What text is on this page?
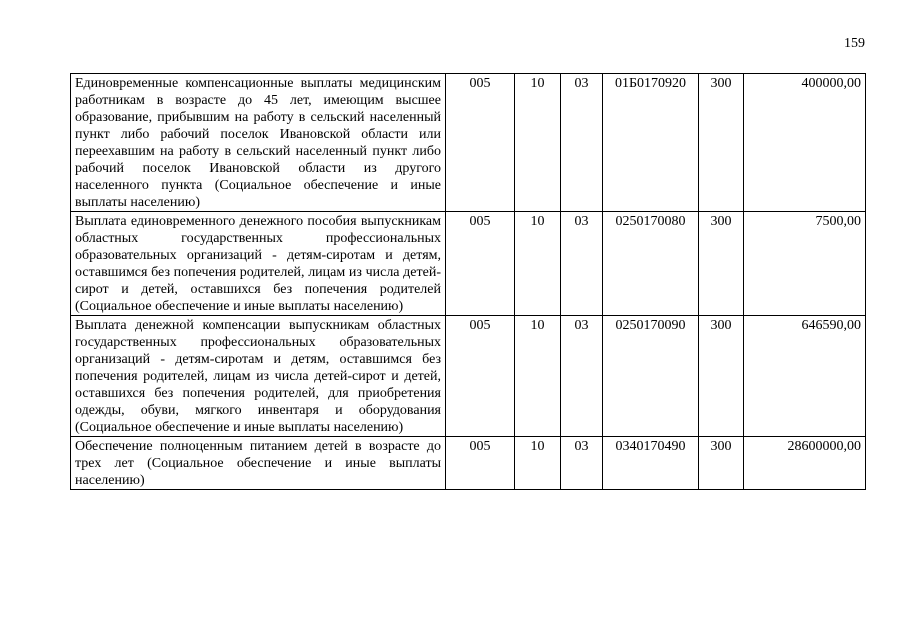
159
Единовременные компенсационные выплаты медицинским работникам в возрасте до 45 лет, имеющим высшее образование, прибывшим на работу в сельский населенный пункт либо рабочий поселок Ивановской области или переехавшим на работу в сельский населенный пункт либо рабочий поселок Ивановской области из другого населенного пункта (Социальное обеспечение и иные выплаты населению)	005	10	03	01Б0170920	300	400000,00
Выплата единовременного денежного пособия выпускникам областных государственных профессиональных образовательных организаций - детям-сиротам и детям, оставшимся без попечения родителей, лицам из числа детей-сирот и детей, оставшихся без попечения родителей (Социальное обеспечение и иные выплаты населению)	005	10	03	0250170080	300	7500,00
Выплата денежной компенсации выпускникам областных государственных профессиональных образовательных организаций - детям-сиротам и детям, оставшимся без попечения родителей, лицам из числа детей-сирот и детей, оставшихся без попечения родителей, для приобретения одежды, обуви, мягкого инвентаря и оборудования (Социальное обеспечение и иные выплаты населению)	005	10	03	0250170090	300	646590,00
Обеспечение полноценным питанием детей в возрасте до трех лет (Социальное обеспечение и иные выплаты населению)	005	10	03	0340170490	300	28600000,00
